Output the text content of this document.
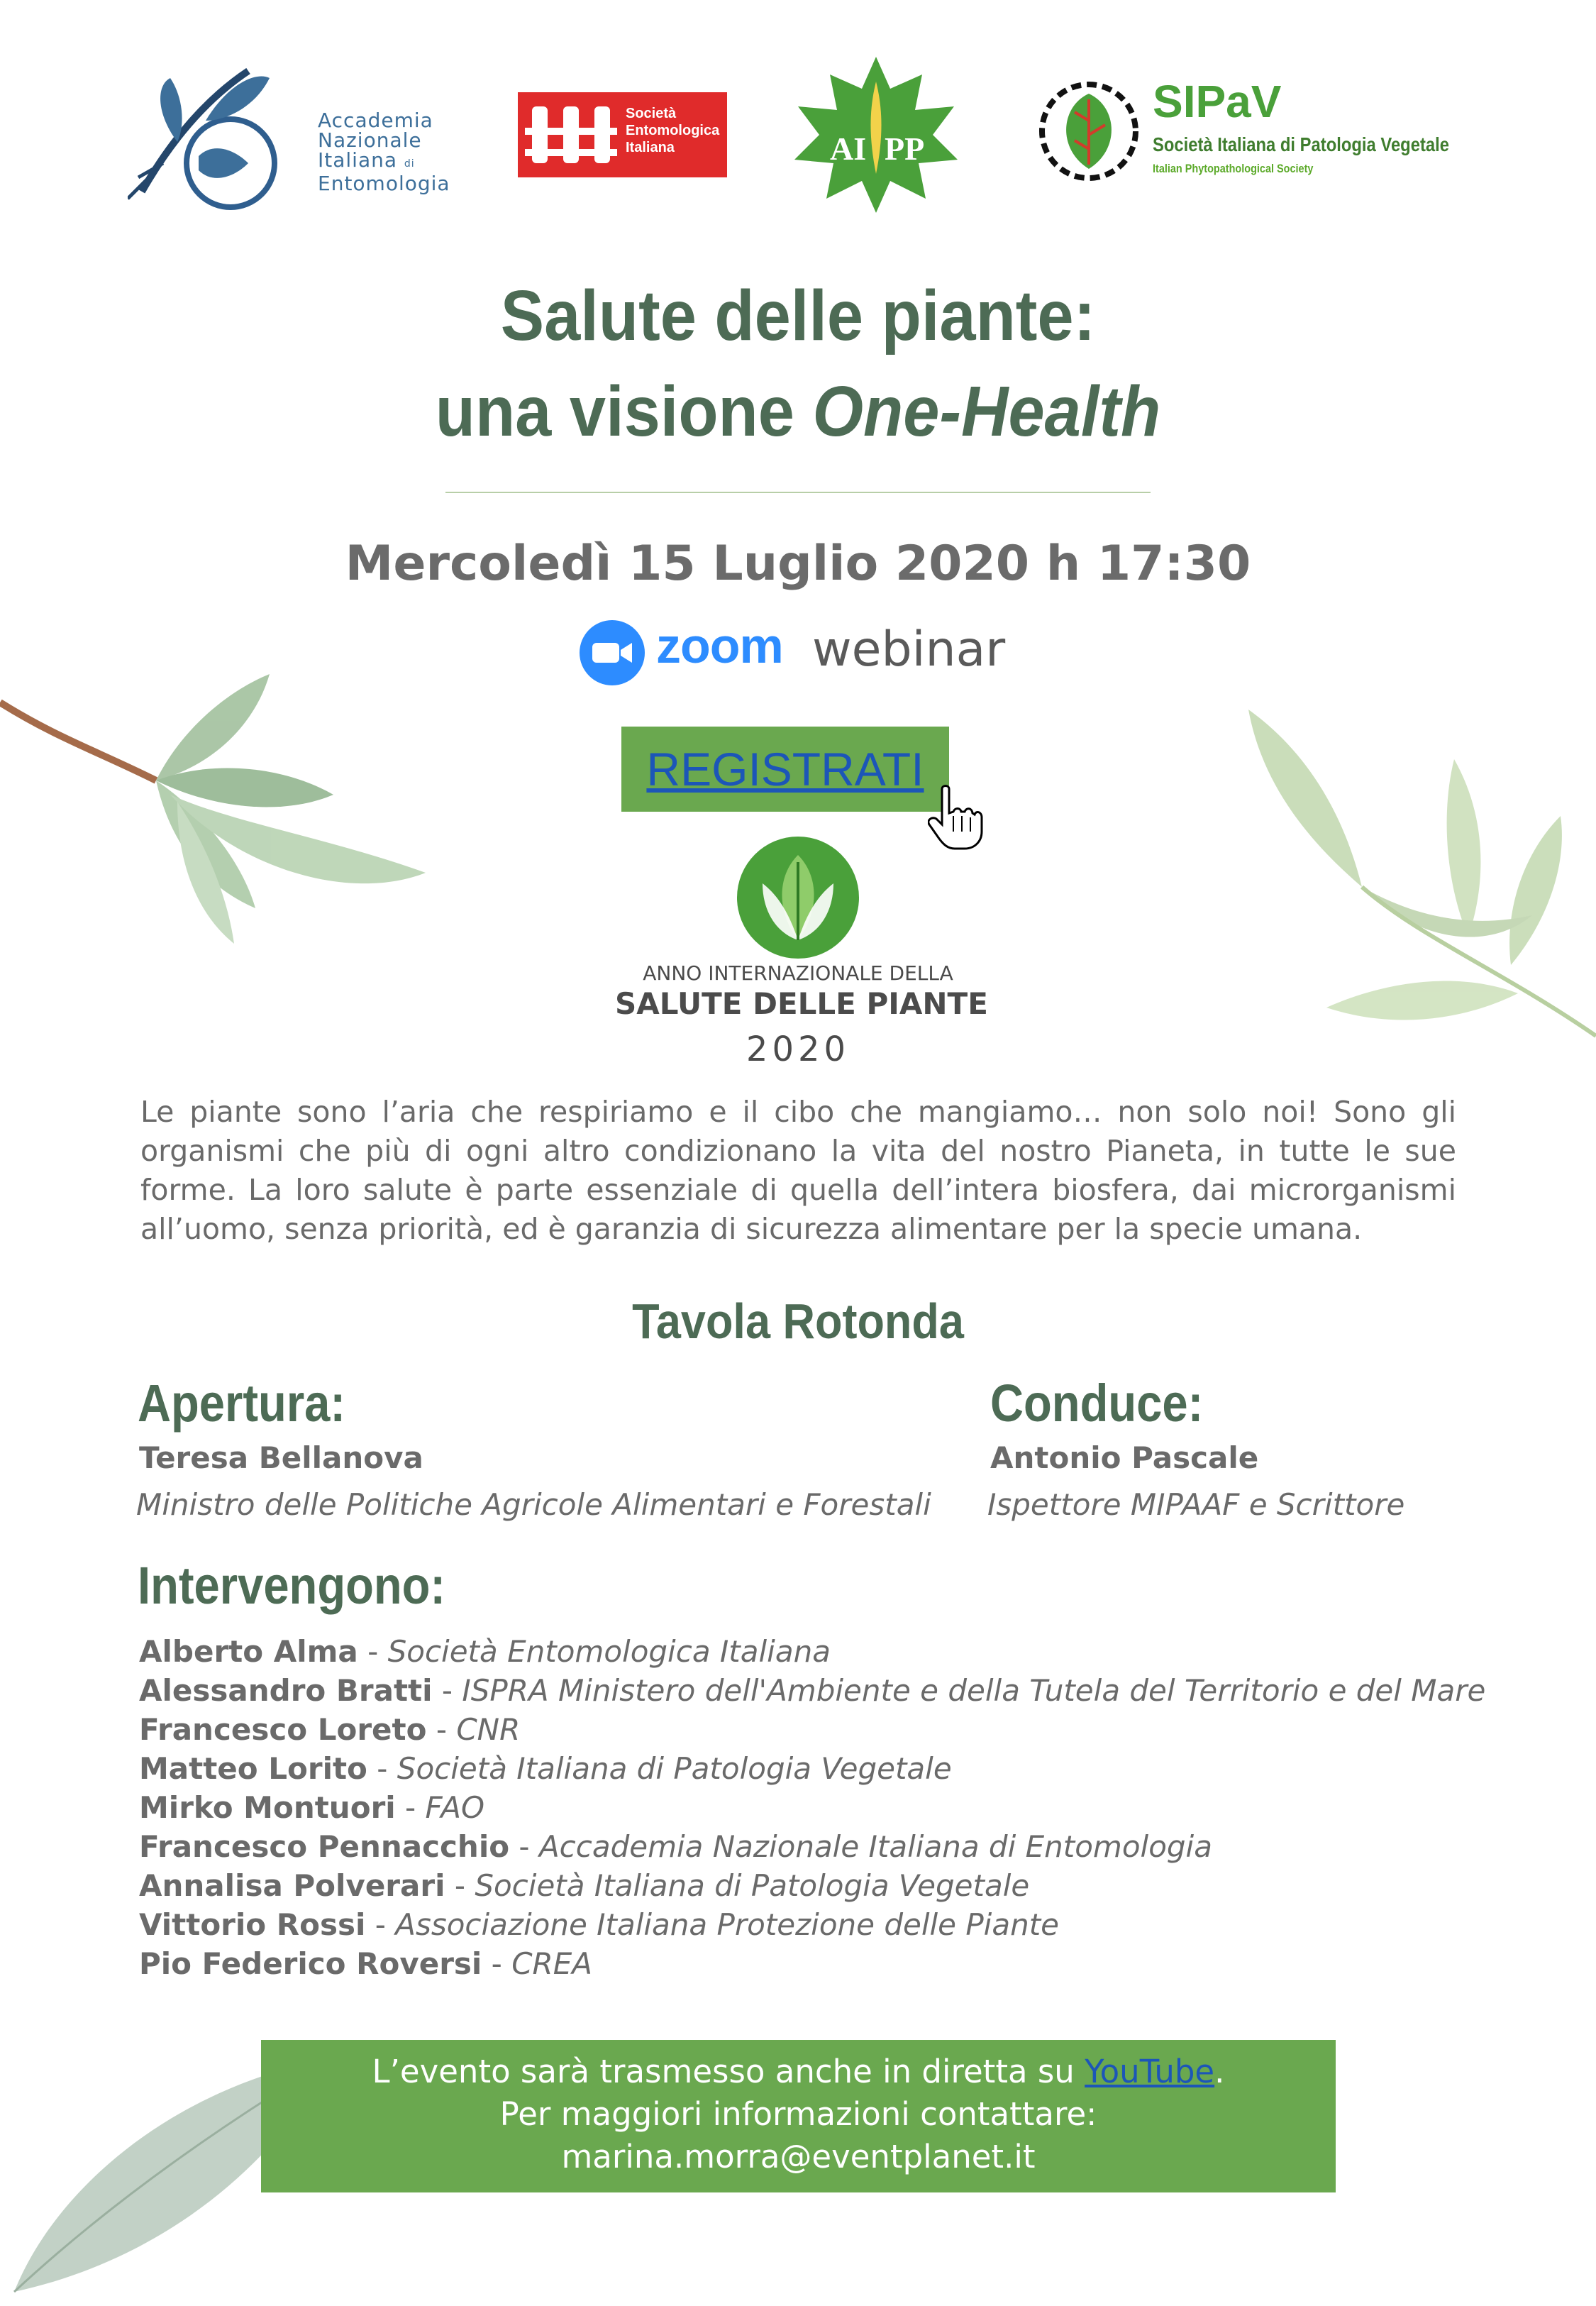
Accademia
Nazionale
Italiana di
Entomologia
Società
Entomologica
Italiana	AI PP
SIPaV
Società Italiana di Patologia Vegetale
Italian Phytopathological Society
Salute delle piante:
una visione One-Health
Mercoledì 15 Luglio 2020 h 17:30
zoom webinar
REGISTRATI
ANNO INTERNAZIONALE DELLA
SALUTE DELLE PIANTE
2020
Le piante sono l’aria che respiriamo e il cibo che mangiamo… non solo noi! Sono gli organismi che più di ogni altro condizionano la vita del nostro Pianeta, in tutte le sue forme. La loro salute è parte essenziale di quella dell’intera biosfera, dai microrganismi all’uomo, senza priorità, ed è garanzia di sicurezza alimentare per la specie umana.
Tavola Rotonda
Apertura:
Teresa Bellanova
Ministro delle Politiche Agricole Alimentari e Forestali
Conduce:
Antonio Pascale
Ispettore MIPAAF e Scrittore
Intervengono:
Alberto Alma - Società Entomologica Italiana
Alessandro Bratti - ISPRA Ministero dell'Ambiente e della Tutela del Territorio e del Mare
Francesco Loreto - CNR
Matteo Lorito - Società Italiana di Patologia Vegetale
Mirko Montuori - FAO
Francesco Pennacchio - Accademia Nazionale Italiana di Entomologia
Annalisa Polverari - Società Italiana di Patologia Vegetale
Vittorio Rossi - Associazione Italiana Protezione delle Piante
Pio Federico Roversi - CREA
L’evento sarà trasmesso anche in diretta su YouTube.
Per maggiori informazioni contattare:
marina.morra@eventplanet.it
